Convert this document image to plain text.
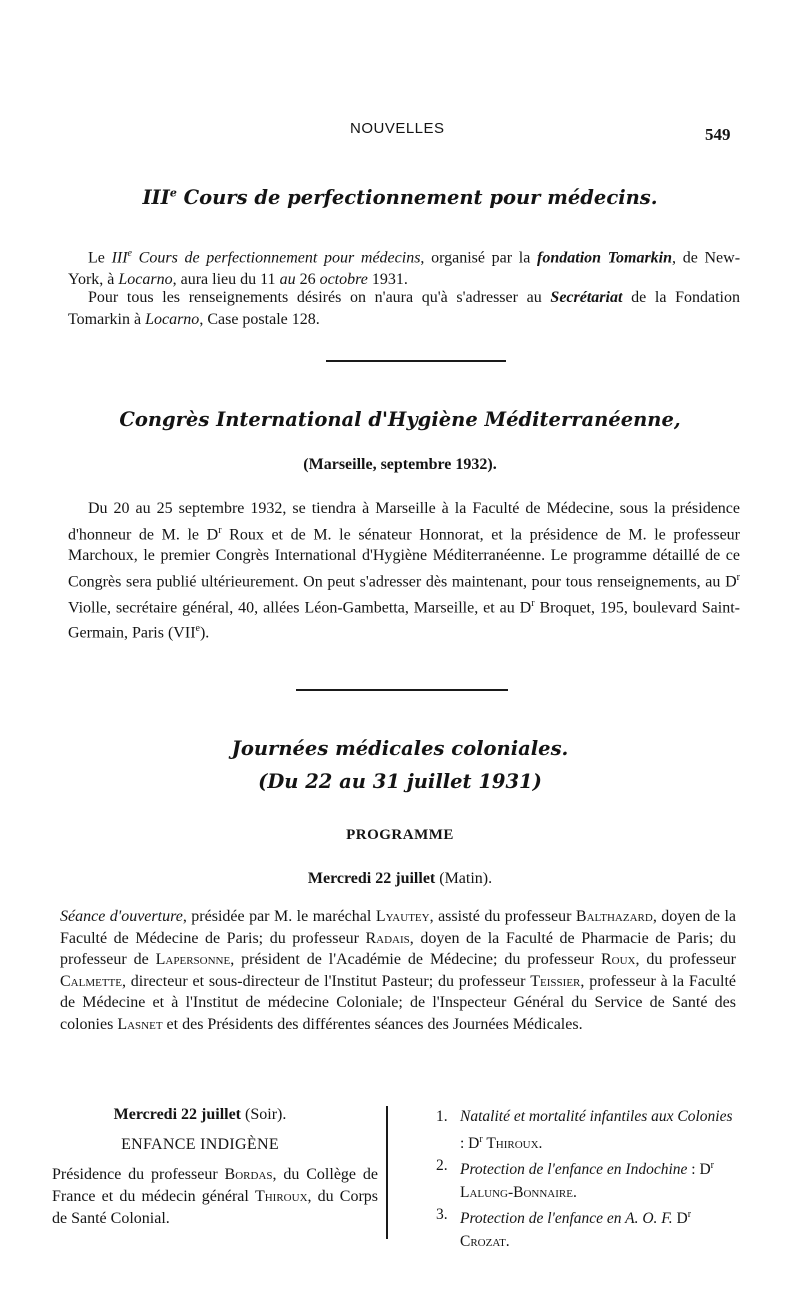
NOUVELLES	549
IIIe Cours de perfectionnement pour médecins.

Le IIIe Cours de perfectionnement pour médecins, organisé par la fondation Tomarkin, de New-York, à Locarno, aura lieu du 11 au 26 octobre 1931.

Pour tous les renseignements désirés on n'aura qu'à s'adresser au Secrétariat de la Fondation Tomarkin à Locarno, Case postale 128.

Congrès International d'Hygiène Méditerranéenne,
(Marseille, septembre 1932).

Du 20 au 25 septembre 1932, se tiendra à Marseille à la Faculté de Médecine, sous la présidence d'honneur de M. le $D^r$ Roux et de M. le sénateur Honnorat, et la présidence de M. le professeur Marchoux, le premier Congrès International d'Hygiène Méditerranéenne. Le programme détaillé de ce Congrès sera publié ultérieurement. On peut s'adresser dès maintenant, pour tous renseignements, au $D^r$ Violle, secrétaire général, 40, allées Léon-Gambetta, Marseille, et au $D^r$ Broquet, 195, boulevard Saint-Germain, Paris (VIIe).

Journées médicales coloniales.
(Du 22 au 31 juillet 1931)
PROGRAMME
Mercredi 22 juillet (Matin).

Séance d'ouverture, présidée par M. le maréchal Lyautey, assisté du professeur Balthazard, doyen de la Faculté de Médecine de Paris; du professeur Radais, doyen de la Faculté de Pharmacie de Paris; du professeur de Lapersonne, président de l'Académie de Médecine; du professeur Roux, du professeur Calmette, directeur et sous-directeur de l'Institut Pasteur; du professeur Teissier, professeur à la Faculté de Médecine et à l'Institut de médecine Coloniale; de l'Inspecteur Général du Service de Santé des colonies Lasnet et des Présidents des différentes séances des Journées Médicales.

Mercredi 22 juillet (Soir).
ENFANCE INDIGÈNE
Présidence du professeur Bordas, du Collège de France et du médecin général Thiroux, du Corps de Santé Colonial.
1. Natalité et mortalité infantiles aux Colonies : $D^r$ Thiroux.
2. Protection de l'enfance en Indochine : $D^r$ Lalung-Bonnaire.
3. Protection de l'enfance en A. O. F. $D^r$ Crozat.
